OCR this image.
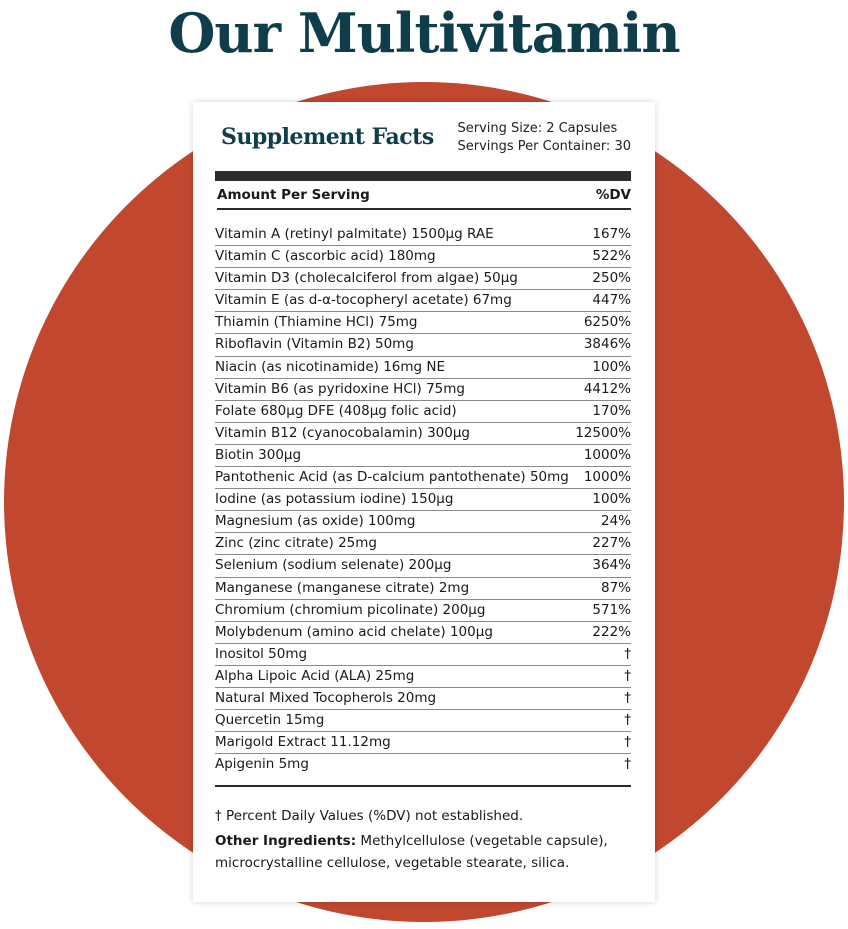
Our Multivitamin
Supplement Facts Serving Size: 2 Capsules
Servings Per Container: 30
Amount Per Serving	%DV
Vitamin A (retinyl palmitate) 1500µg RAE	167%
Vitamin C (ascorbic acid) 180mg	522%
Vitamin D3 (cholecalciferol from algae) 50µg	250%
Vitamin E (as d-α-tocopheryl acetate) 67mg	447%
Thiamin (Thiamine HCl) 75mg	6250%
Riboflavin (Vitamin B2) 50mg	3846%
Niacin (as nicotinamide) 16mg NE	100%
Vitamin B6 (as pyridoxine HCl) 75mg	4412%
Folate 680µg DFE (408µg folic acid)	170%
Vitamin B12 (cyanocobalamin) 300µg	12500%
Biotin 300µg	1000%
Pantothenic Acid (as D-calcium pantothenate) 50mg 1000%
Iodine (as potassium iodine) 150µg	100%
Magnesium (as oxide) 100mg	24%
Zinc (zinc citrate) 25mg	227%
Selenium (sodium selenate) 200µg	364%
Manganese (manganese citrate) 2mg	87%
Chromium (chromium picolinate) 200µg	571%
Molybdenum (amino acid chelate) 100µg	222%
Inositol 50mg	†
Alpha Lipoic Acid (ALA) 25mg	†
Natural Mixed Tocopherols 20mg	†
Quercetin 15mg	†
Marigold Extract 11.12mg	†
Apigenin 5mg	†
† Percent Daily Values (%DV) not established.
Other Ingredients: Methylcellulose (vegetable capsule), microcrystalline cellulose, vegetable stearate, silica.
